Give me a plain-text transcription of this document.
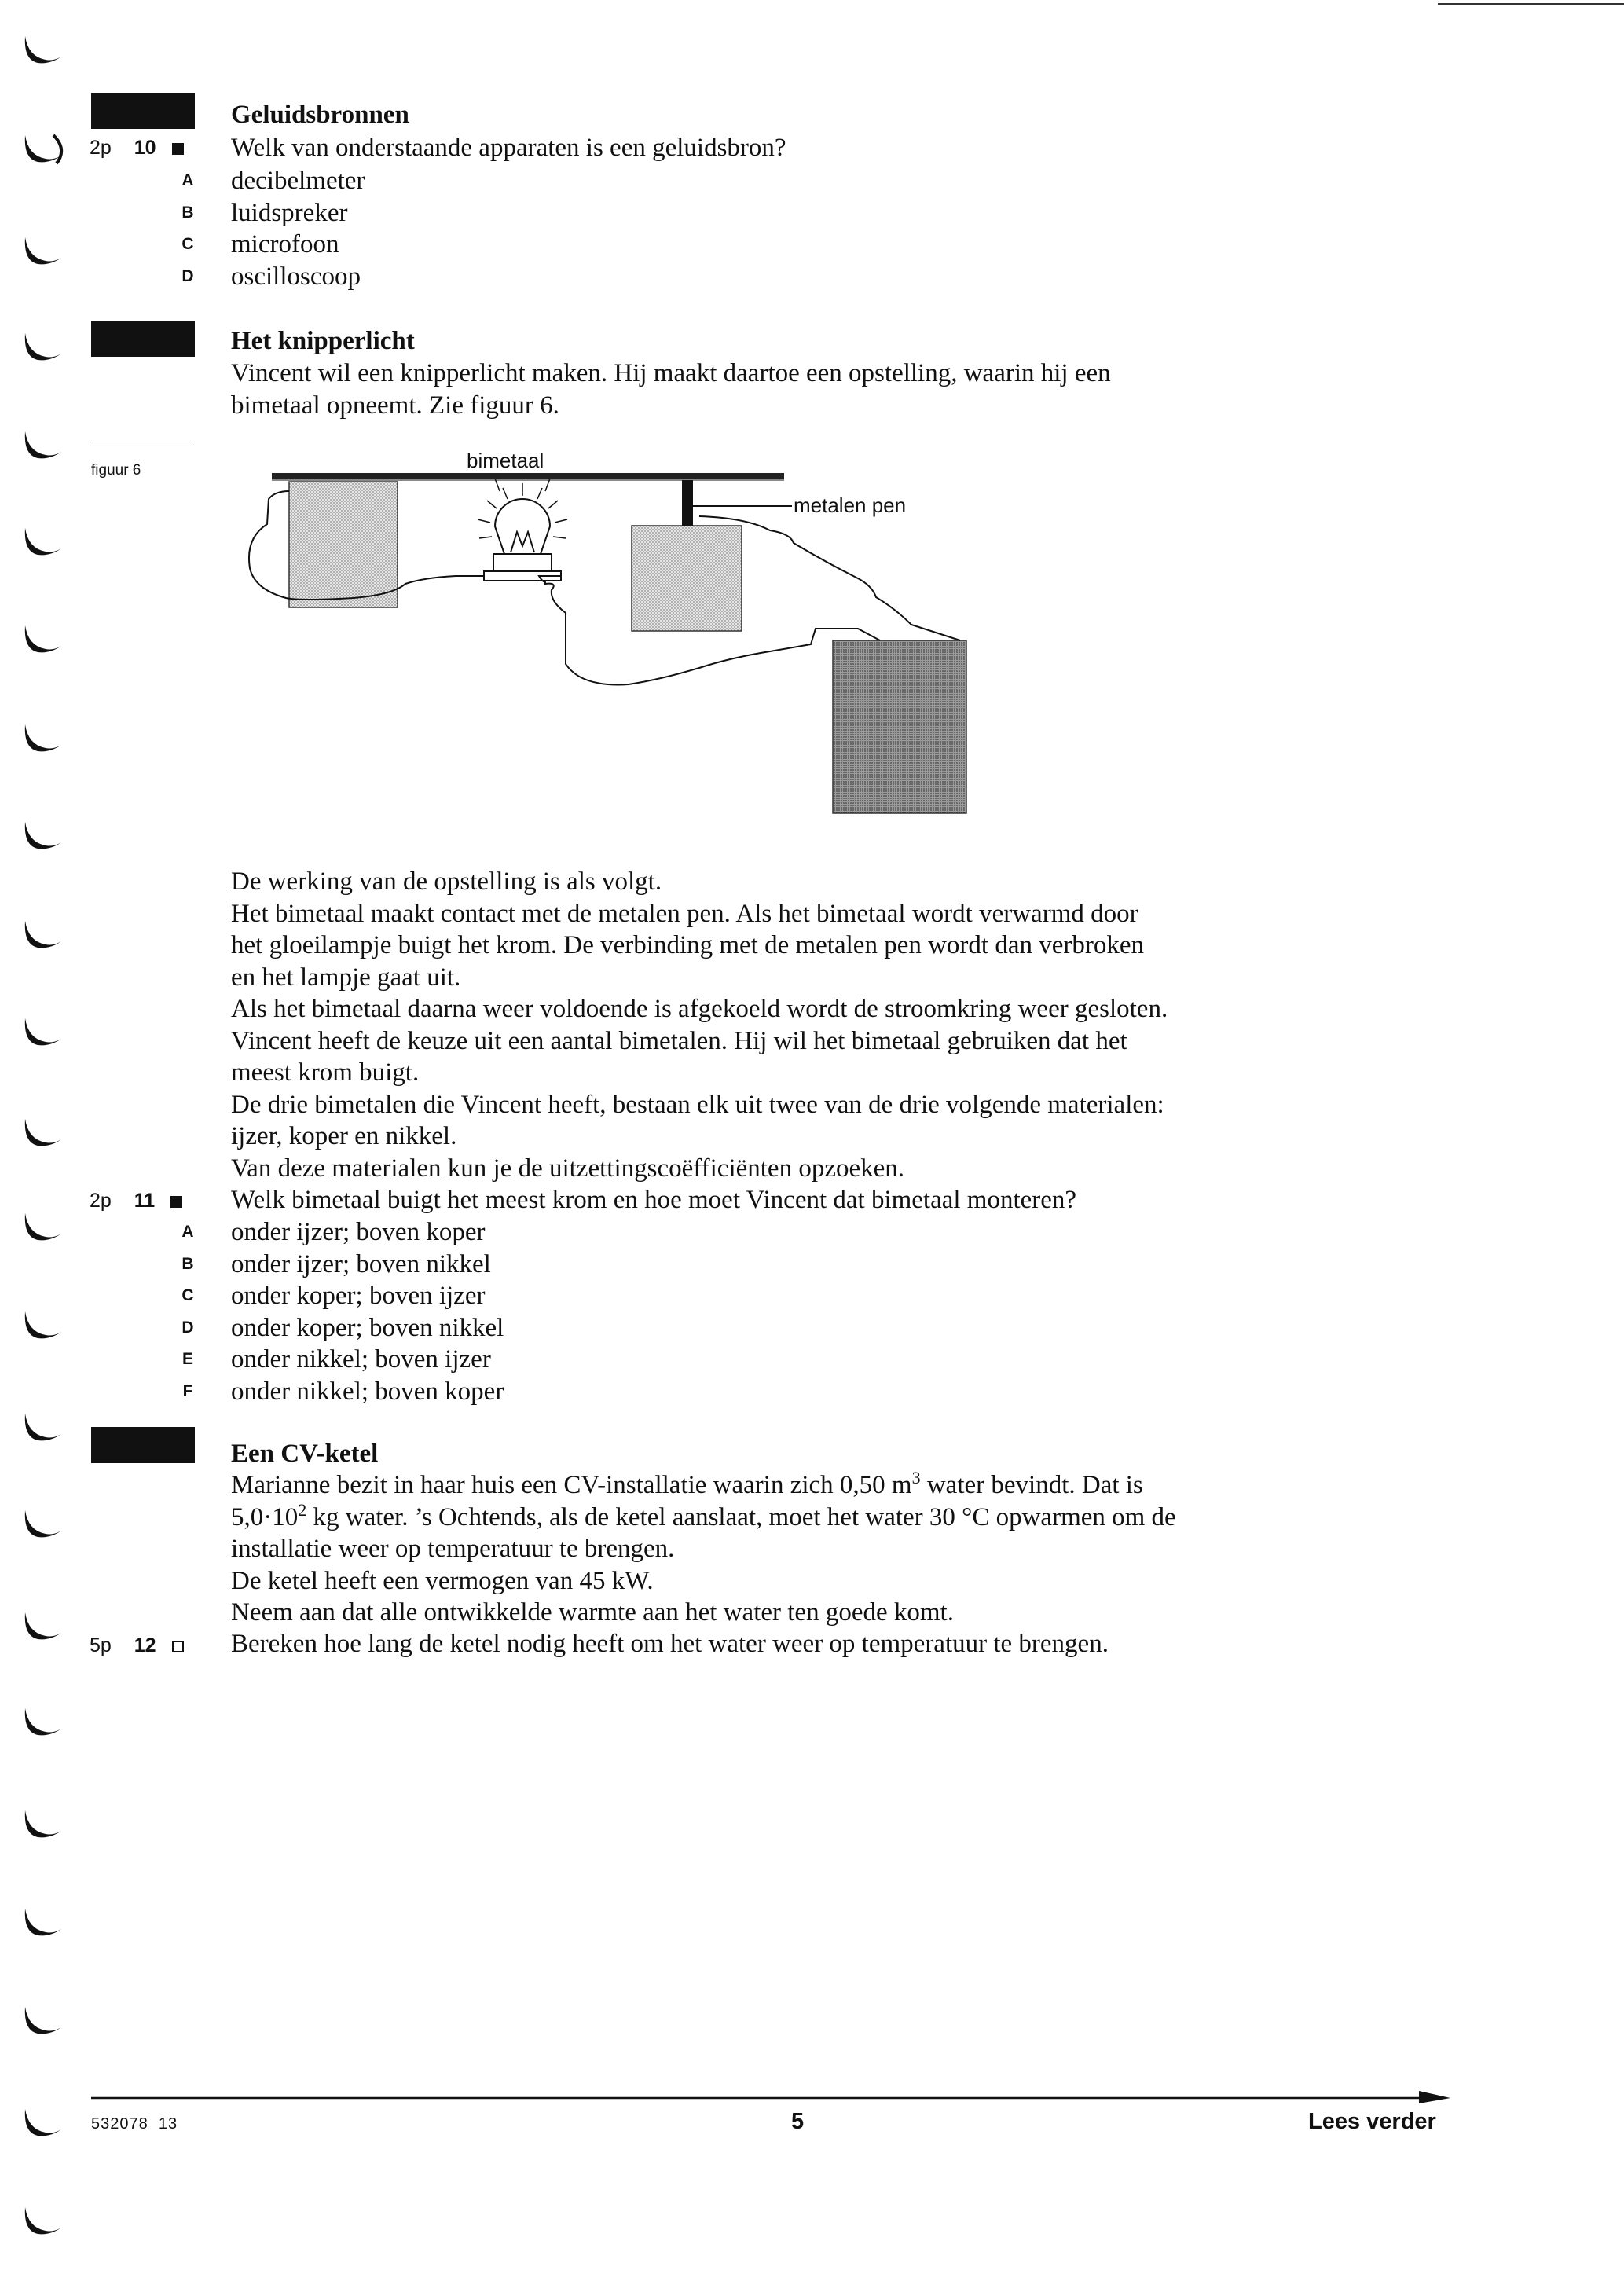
Geluidsbronnen
2p 10	Welk van onderstaande apparaten is een geluidsbron?
A decibelmeter
B luidspreker
C microfoon
D oscilloscoop
Het knipperlicht
Vincent wil een knipperlicht maken. Hij maakt daartoe een opstelling, waarin hij een
bimetaal opneemt. Zie figuur 6.
figuur 6	bimetaal
metalen pen
De werking van de opstelling is als volgt.
Het bimetaal maakt contact met de metalen pen. Als het bimetaal wordt verwarmd door
het gloeilampje buigt het krom. De verbinding met de metalen pen wordt dan verbroken
en het lampje gaat uit.
Als het bimetaal daarna weer voldoende is afgekoeld wordt de stroomkring weer gesloten.
Vincent heeft de keuze uit een aantal bimetalen. Hij wil het bimetaal gebruiken dat het
meest krom buigt.
De drie bimetalen die Vincent heeft, bestaan elk uit twee van de drie volgende materialen:
ijzer, koper en nikkel.
Van deze materialen kun je de uitzettingscoëfficiënten opzoeken.
2p 11	Welk bimetaal buigt het meest krom en hoe moet Vincent dat bimetaal monteren?
A onder ijzer; boven koper
B onder ijzer; boven nikkel
C onder koper; boven ijzer
D onder koper; boven nikkel
E onder nikkel; boven ijzer
F onder nikkel; boven koper
Een CV-ketel
Marianne bezit in haar huis een CV-installatie waarin zich 0,50 $m^3$ water bevindt. Dat is
$5,0\cdot 10^2$ kg water. ’s Ochtends, als de ketel aanslaat, moet het water 30 °C opwarmen om de
installatie weer op temperatuur te brengen.
De ketel heeft een vermogen van 45 kW.
Neem aan dat alle ontwikkelde warmte aan het water ten goede komt.
5p 12	Bereken hoe lang de ketel nodig heeft om het water weer op temperatuur te brengen.
532078  13	5	Lees verder
